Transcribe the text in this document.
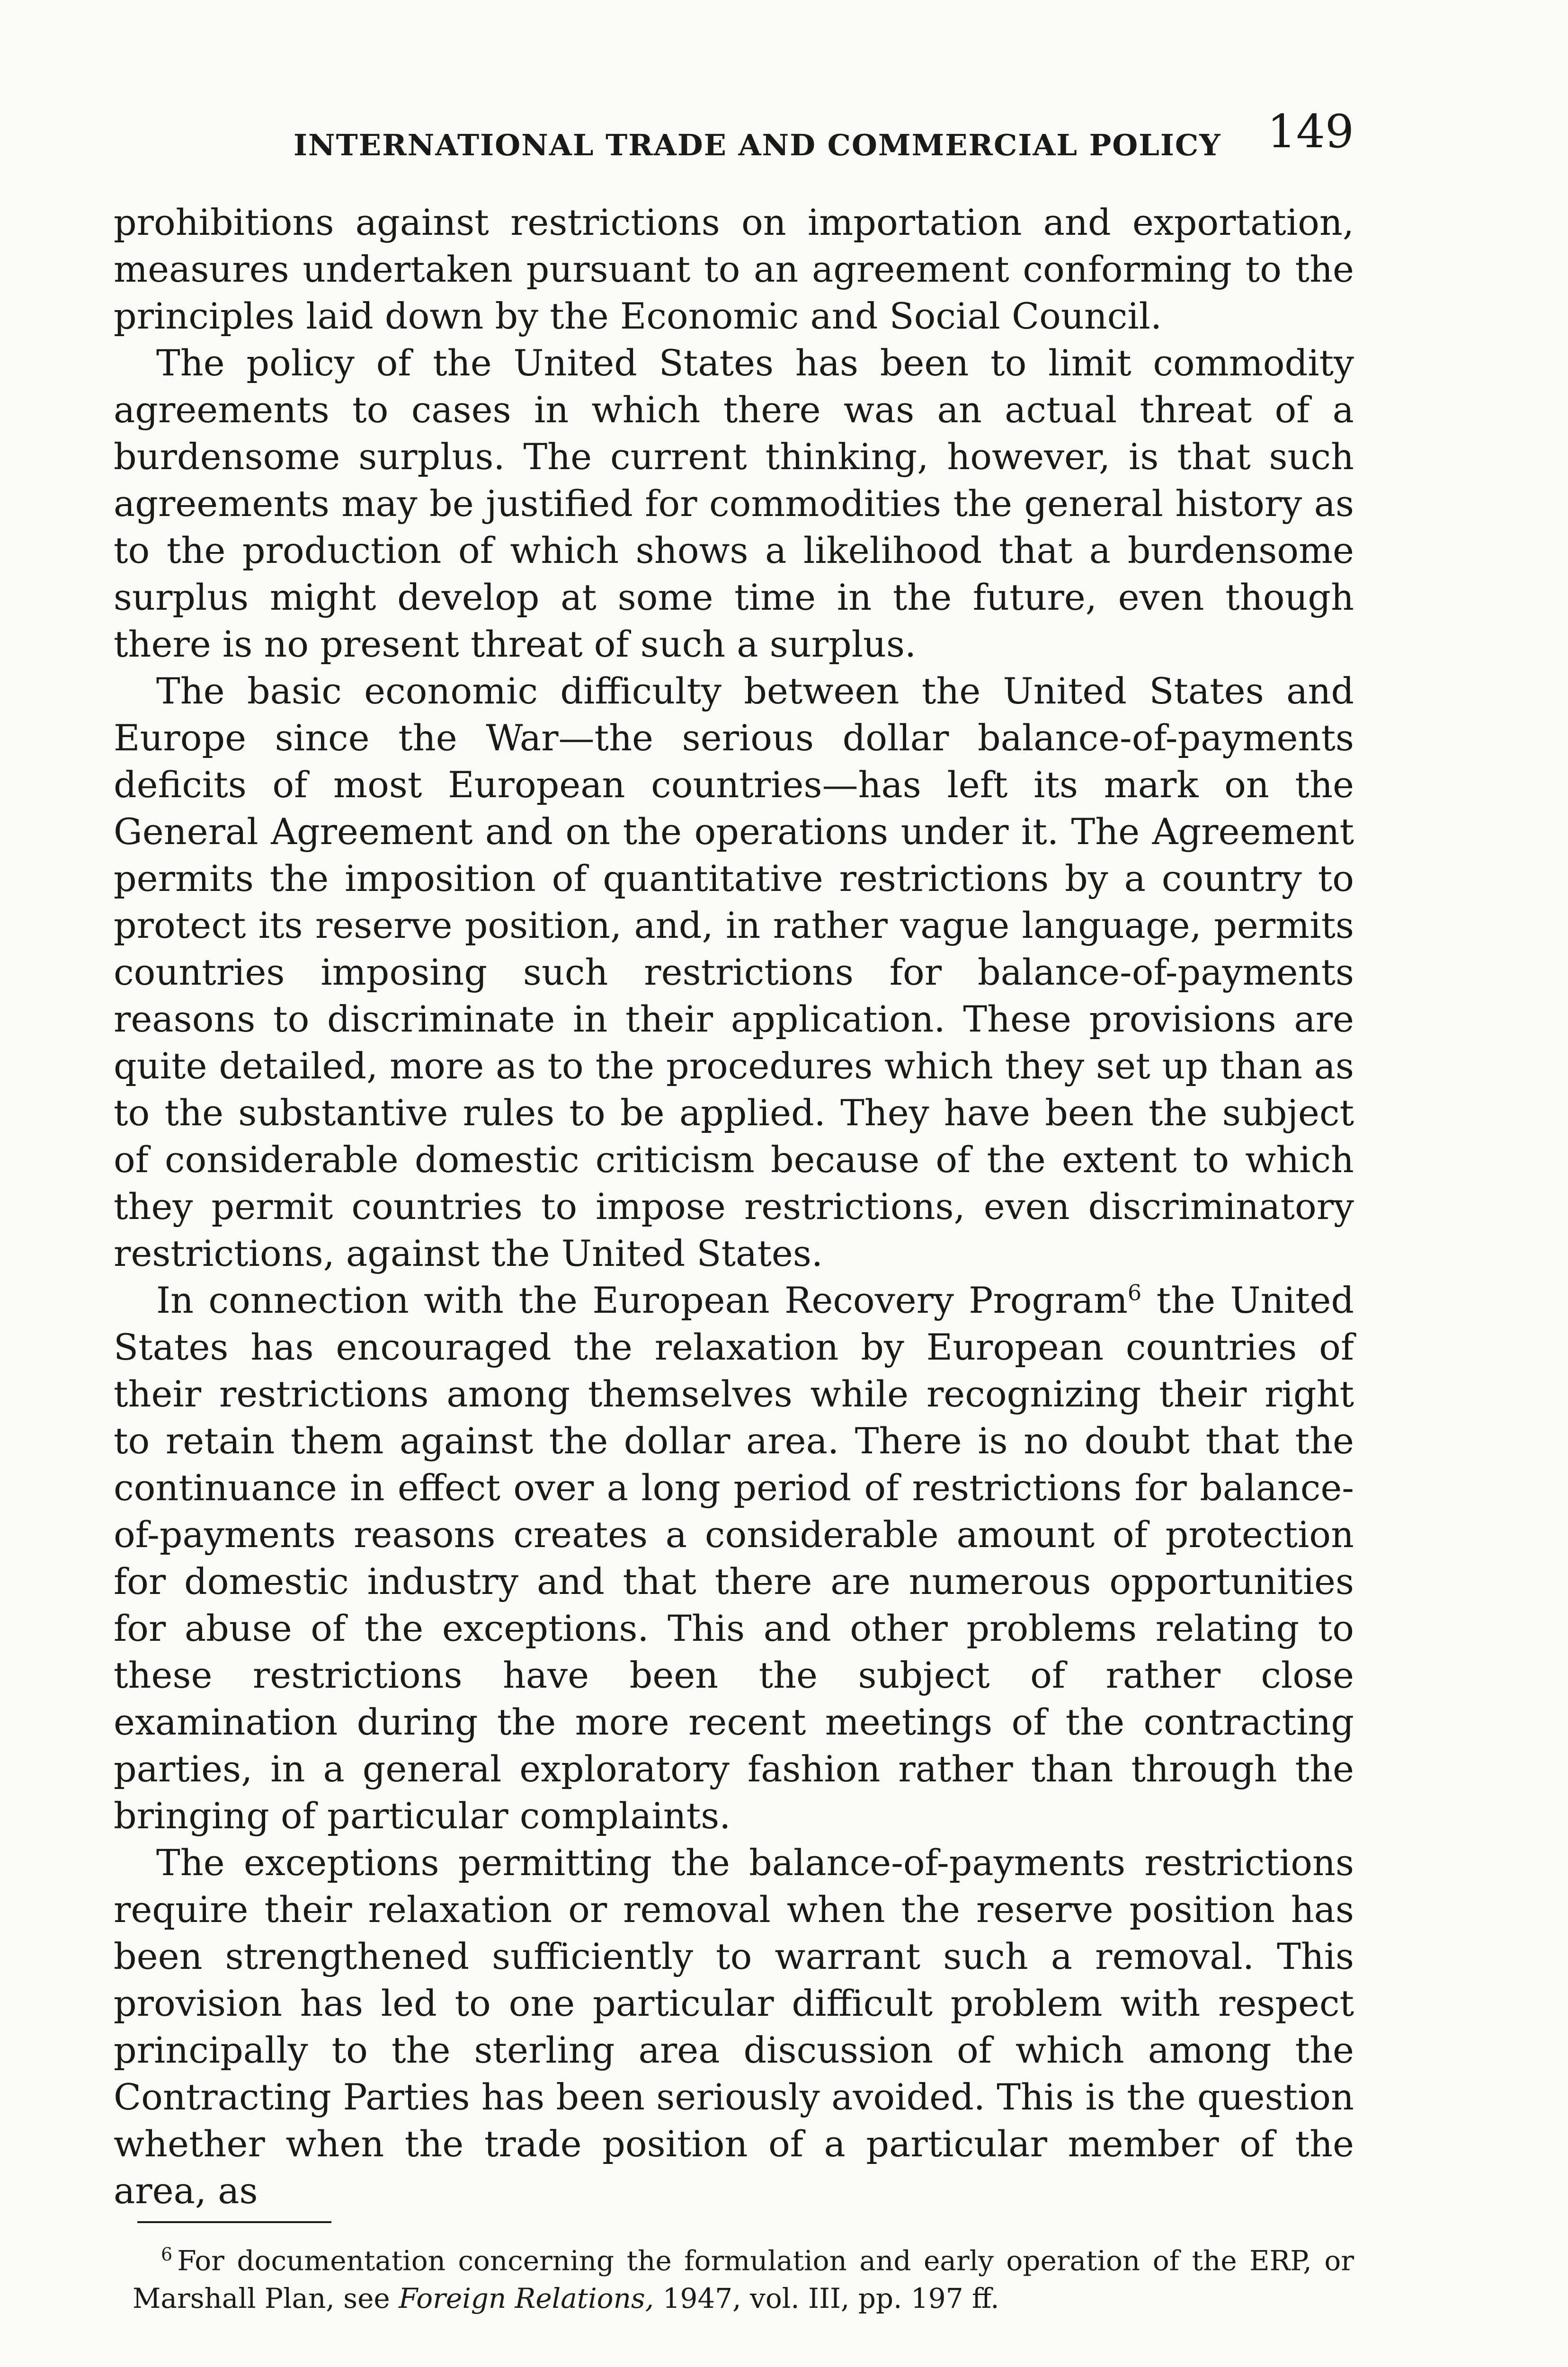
INTERNATIONAL TRADE AND COMMERCIAL POLICY 149

prohibitions against restrictions on importation and exportation, measures undertaken pursuant to an agreement conforming to the principles laid down by the Economic and Social Council.

The policy of the United States has been to limit commodity agreements to cases in which there was an actual threat of a burdensome surplus. The current thinking, however, is that such agreements may be justified for commodities the general history as to the production of which shows a likelihood that a burdensome surplus might develop at some time in the future, even though there is no present threat of such a surplus.

The basic economic difficulty between the United States and Europe since the War—the serious dollar balance-of-payments deficits of most European countries—has left its mark on the General Agreement and on the operations under it. The Agreement permits the imposition of quantitative restrictions by a country to protect its reserve position, and, in rather vague language, permits countries imposing such restrictions for balance-of-payments reasons to discriminate in their application. These provisions are quite detailed, more as to the procedures which they set up than as to the substantive rules to be applied. They have been the subject of considerable domestic criticism because of the extent to which they permit countries to impose restrictions, even discriminatory restrictions, against the United States.

In connection with the European Recovery Program$^6$ the United States has encouraged the relaxation by European countries of their restrictions among themselves while recognizing their right to retain them against the dollar area. There is no doubt that the continuance in effect over a long period of restrictions for balance-of-payments reasons creates a considerable amount of protection for domestic industry and that there are numerous opportunities for abuse of the exceptions. This and other problems relating to these restrictions have been the subject of rather close examination during the more recent meetings of the contracting parties, in a general exploratory fashion rather than through the bringing of particular complaints.

The exceptions permitting the balance-of-payments restrictions require their relaxation or removal when the reserve position has been strengthened sufficiently to warrant such a removal. This provision has led to one particular difficult problem with respect principally to the sterling area discussion of which among the Contracting Parties has been seriously avoided. This is the question whether when the trade position of a particular member of the area, as

$^6$ For documentation concerning the formulation and early operation of the ERP, or Marshall Plan, see Foreign Relations, 1947, vol. III, pp. 197 ff.
